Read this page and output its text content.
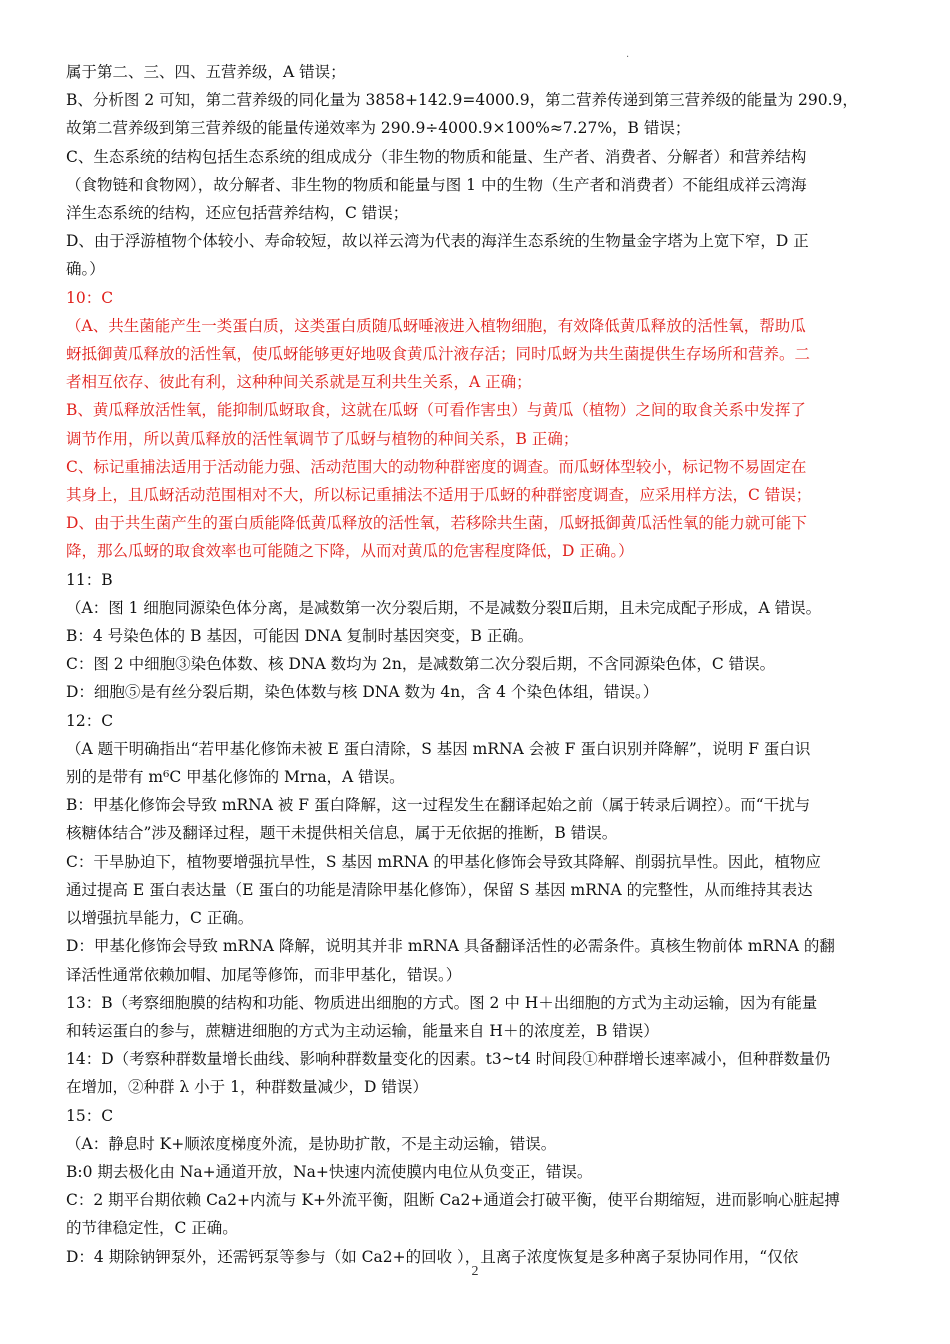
.
属于第二、三、四、五营养级，A 错误；
B、分析图 2 可知，第二营养级的同化量为 3858+142.9=4000.9，第二营养传递到第三营养级的能量为 290.9，
故第二营养级到第三营养级的能量传递效率为 290.9÷4000.9×100%≈7.27%，B 错误；
C、生态系统的结构包括生态系统的组成成分（非生物的物质和能量、生产者、消费者、分解者）和营养结构
（食物链和食物网），故分解者、非生物的物质和能量与图 1 中的生物（生产者和消费者）不能组成祥云湾海
洋生态系统的结构，还应包括营养结构，C 错误；
D、由于浮游植物个体较小、寿命较短，故以祥云湾为代表的海洋生态系统的生物量金字塔为上宽下窄，D 正
确。）
10：C
（A、共生菌能产生一类蛋白质，这类蛋白质随瓜蚜唾液进入植物细胞，有效降低黄瓜释放的活性氧，帮助瓜
蚜抵御黄瓜释放的活性氧，使瓜蚜能够更好地吸食黄瓜汁液存活；同时瓜蚜为共生菌提供生存场所和营养。二
者相互依存、彼此有利，这种种间关系就是互利共生关系，A 正确；
B、黄瓜释放活性氧，能抑制瓜蚜取食，这就在瓜蚜（可看作害虫）与黄瓜（植物）之间的取食关系中发挥了
调节作用，所以黄瓜释放的活性氧调节了瓜蚜与植物的种间关系，B 正确；
C、标记重捕法适用于活动能力强、活动范围大的动物种群密度的调查。而瓜蚜体型较小，标记物不易固定在
其身上，且瓜蚜活动范围相对不大，所以标记重捕法不适用于瓜蚜的种群密度调查，应采用样方法，C 错误；
D、由于共生菌产生的蛋白质能降低黄瓜释放的活性氧，若移除共生菌，瓜蚜抵御黄瓜活性氧的能力就可能下
降，那么瓜蚜的取食效率也可能随之下降，从而对黄瓜的危害程度降低，D 正确。）
11：B
（A：图 1 细胞同源染色体分离，是减数第一次分裂后期，不是减数分裂Ⅱ后期，且未完成配子形成，A 错误。
B：4 号染色体的 B 基因，可能因 DNA 复制时基因突变，B 正确。
C：图 2 中细胞③染色体数、核 DNA 数均为 2n，是减数第二次分裂后期，不含同源染色体，C 错误。
D：细胞⑤是有丝分裂后期，染色体数与核 DNA 数为 4n，含 4 个染色体组，错误。）
12：C
（A 题干明确指出“若甲基化修饰未被 E 蛋白清除，S 基因 mRNA 会被 F 蛋白识别并降解”，说明 F 蛋白识
别的是带有 m⁶C 甲基化修饰的 Mrna，A 错误。
B：甲基化修饰会导致 mRNA 被 F 蛋白降解，这一过程发生在翻译起始之前（属于转录后调控）。而“干扰与
核糖体结合”涉及翻译过程，题干未提供相关信息，属于无依据的推断，B 错误。
C：干旱胁迫下，植物要增强抗旱性，S 基因 mRNA 的甲基化修饰会导致其降解、削弱抗旱性。因此，植物应
通过提高 E 蛋白表达量（E 蛋白的功能是清除甲基化修饰），保留 S 基因 mRNA 的完整性，从而维持其表达
以增强抗旱能力，C 正确。
D：甲基化修饰会导致 mRNA 降解，说明其并非 mRNA 具备翻译活性的必需条件。真核生物前体 mRNA 的翻
译活性通常依赖加帽、加尾等修饰，而非甲基化，错误。）
13：B（考察细胞膜的结构和功能、物质进出细胞的方式。图 2 中 H＋出细胞的方式为主动运输，因为有能量
和转运蛋白的参与，蔗糖进细胞的方式为主动运输，能量来自 H＋的浓度差，B 错误）
14：D（考察种群数量增长曲线、影响种群数量变化的因素。t3~t4 时间段①种群增长速率减小，但种群数量仍
在增加，②种群 λ 小于 1，种群数量减少，D 错误）
15：C
（A：静息时 K+顺浓度梯度外流，是协助扩散，不是主动运输，错误。
B:0 期去极化由 Na+通道开放，Na+快速内流使膜内电位从负变正，错误。
C：2 期平台期依赖 Ca2+内流与 K+外流平衡，阻断 Ca2+通道会打破平衡，使平台期缩短，进而影响心脏起搏
的节律稳定性，C 正确。
D：4 期除钠钾泵外，还需钙泵等参与（如 Ca2+的回收 ），且离子浓度恢复是多种离子泵协同作用，“仅依
2
